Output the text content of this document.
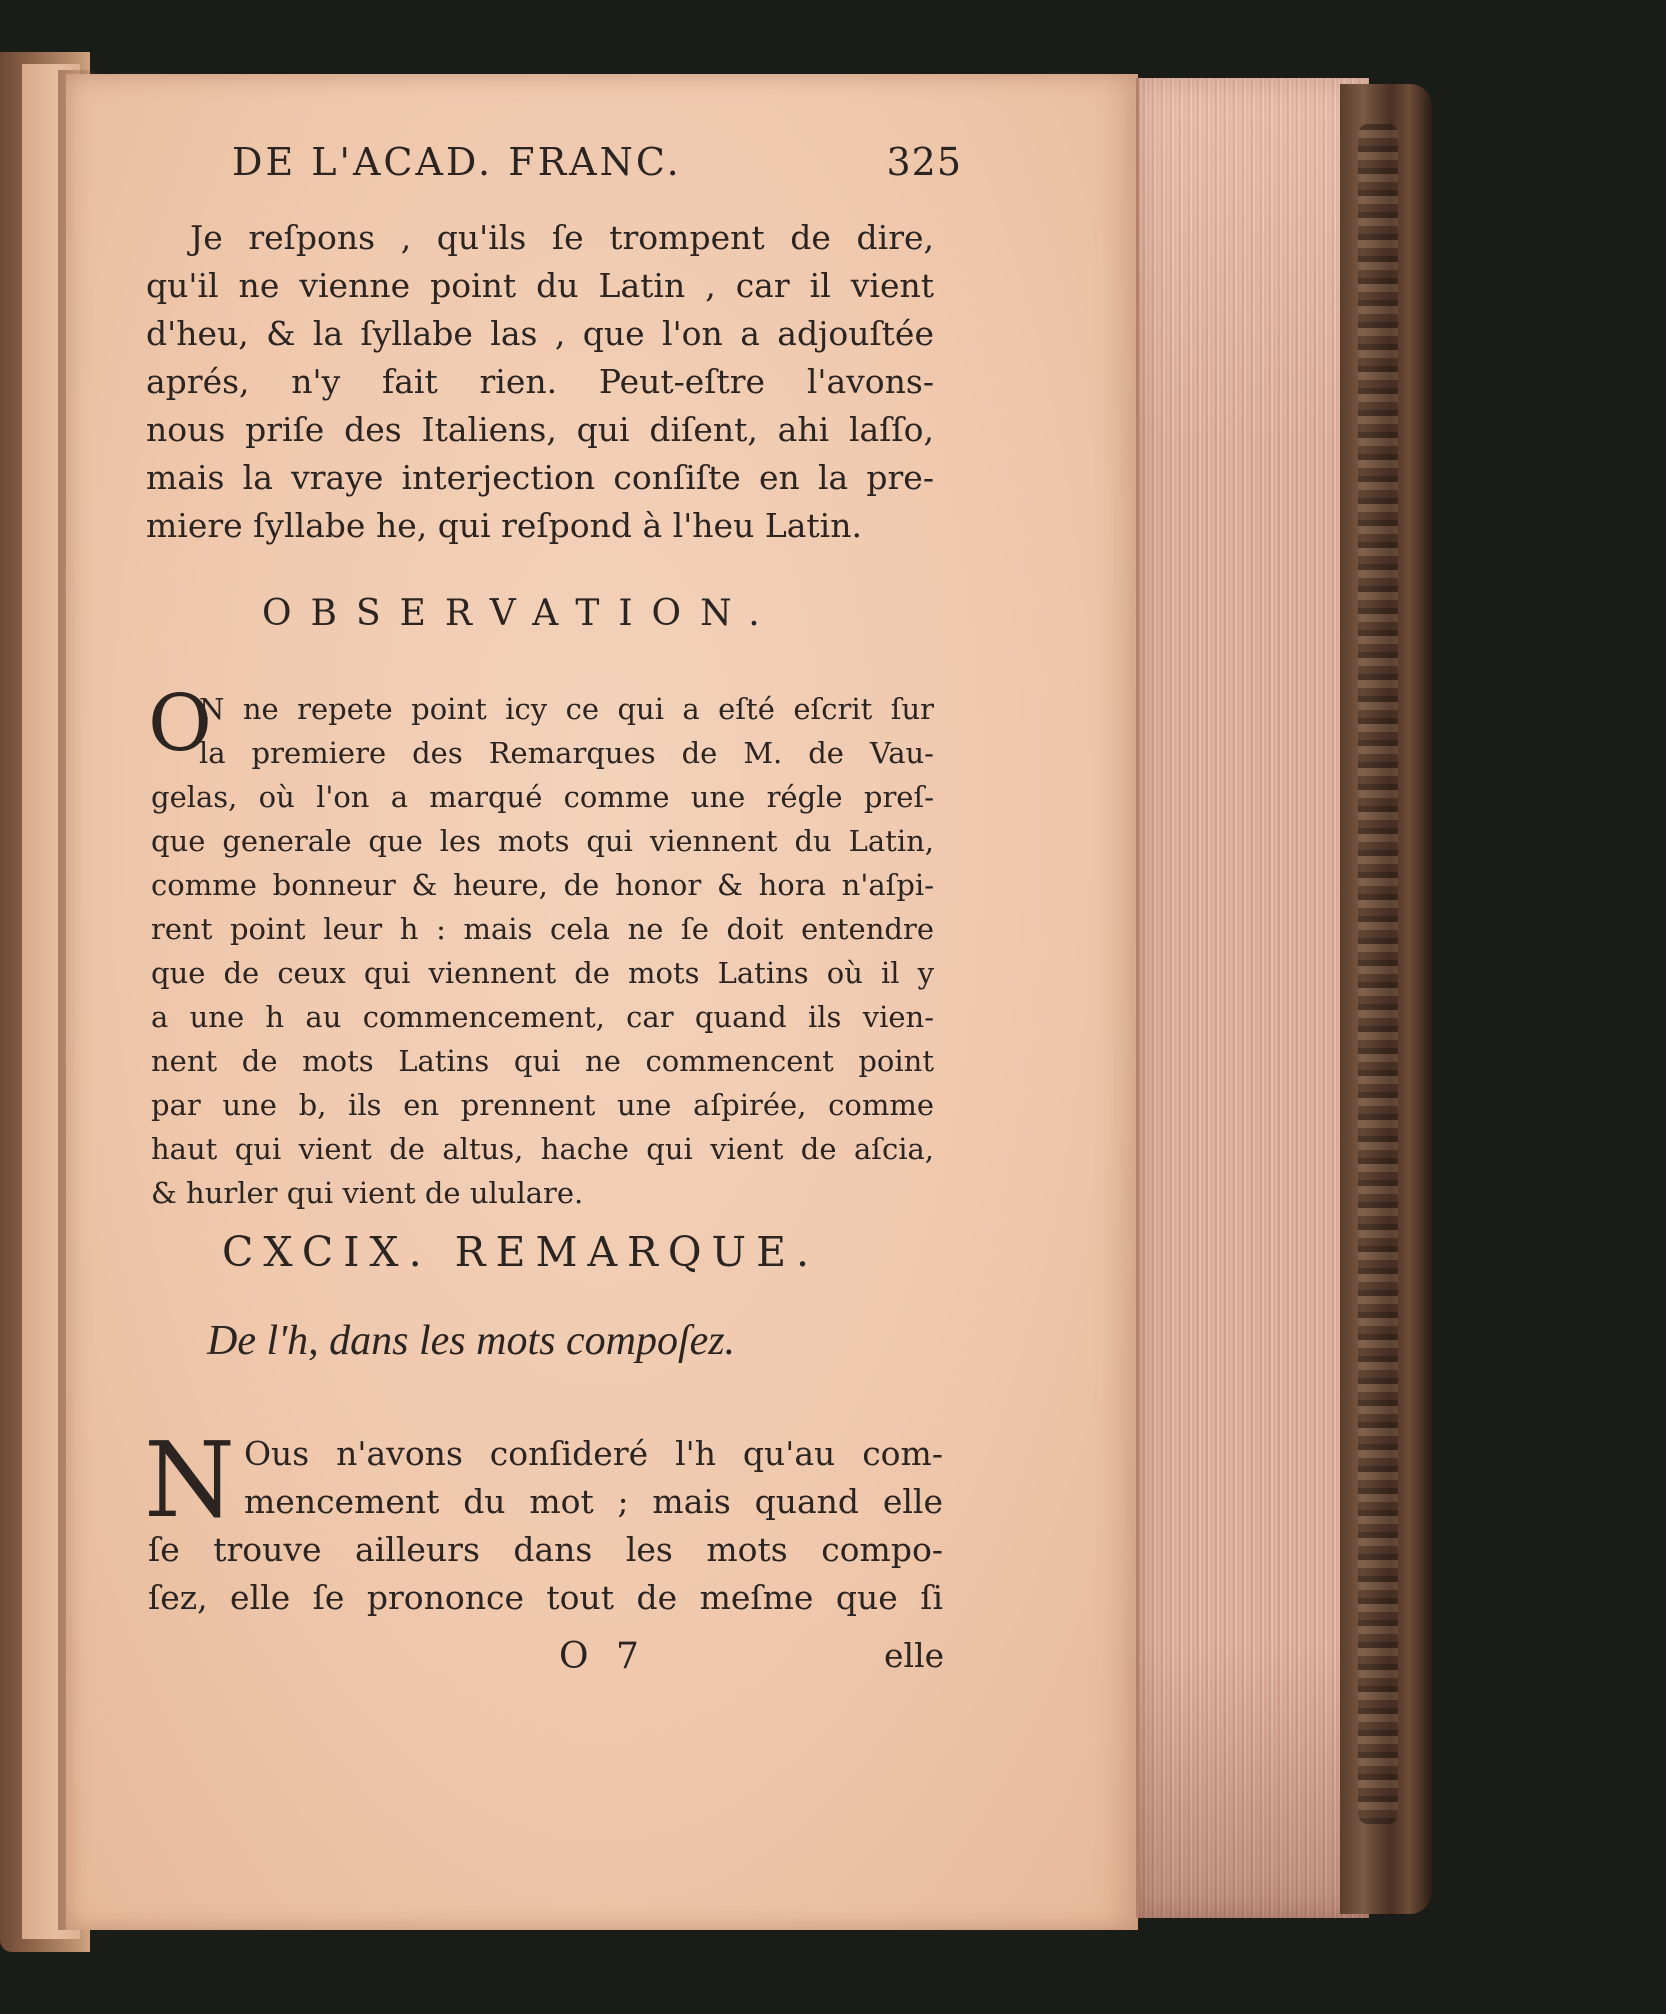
DE L'ACAD. FRANC.	325
Je reſpons , qu'ils ſe trompent de dire,
qu'il ne vienne point du Latin , car il vient
d'heu, & la ſyllabe las , que l'on a adjouſtée
aprés, n'y fait rien. Peut-eſtre l'avons-
nous priſe des Italiens, qui diſent, ahi laſſo,
mais la vraye interjection conſiſte en la pre-
miere ſyllabe he, qui reſpond à l'heu Latin.
OBSERVATION.
O
N ne repete point icy ce qui a eſté eſcrit ſur
la premiere des Remarques de M. de Vau-
gelas, où l'on a marqué comme une régle preſ-
que generale que les mots qui viennent du Latin,
comme bonneur & heure, de honor & hora n'aſpi-
rent point leur h : mais cela ne ſe doit entendre
que de ceux qui viennent de mots Latins où il y
a une h au commencement, car quand ils vien-
nent de mots Latins qui ne commencent point
par une b, ils en prennent une aſpirée, comme
haut qui vient de altus, hache qui vient de aſcia,
& hurler qui vient de ululare.
CXCIX. REMARQUE.
De l'h, dans les mots compoſez.
N Ous n'avons conſideré l'h qu'au com-
mencement du mot ; mais quand elle
ſe trouve ailleurs dans les mots compo-
ſez, elle ſe prononce tout de meſme que ſi
O 7	elle
